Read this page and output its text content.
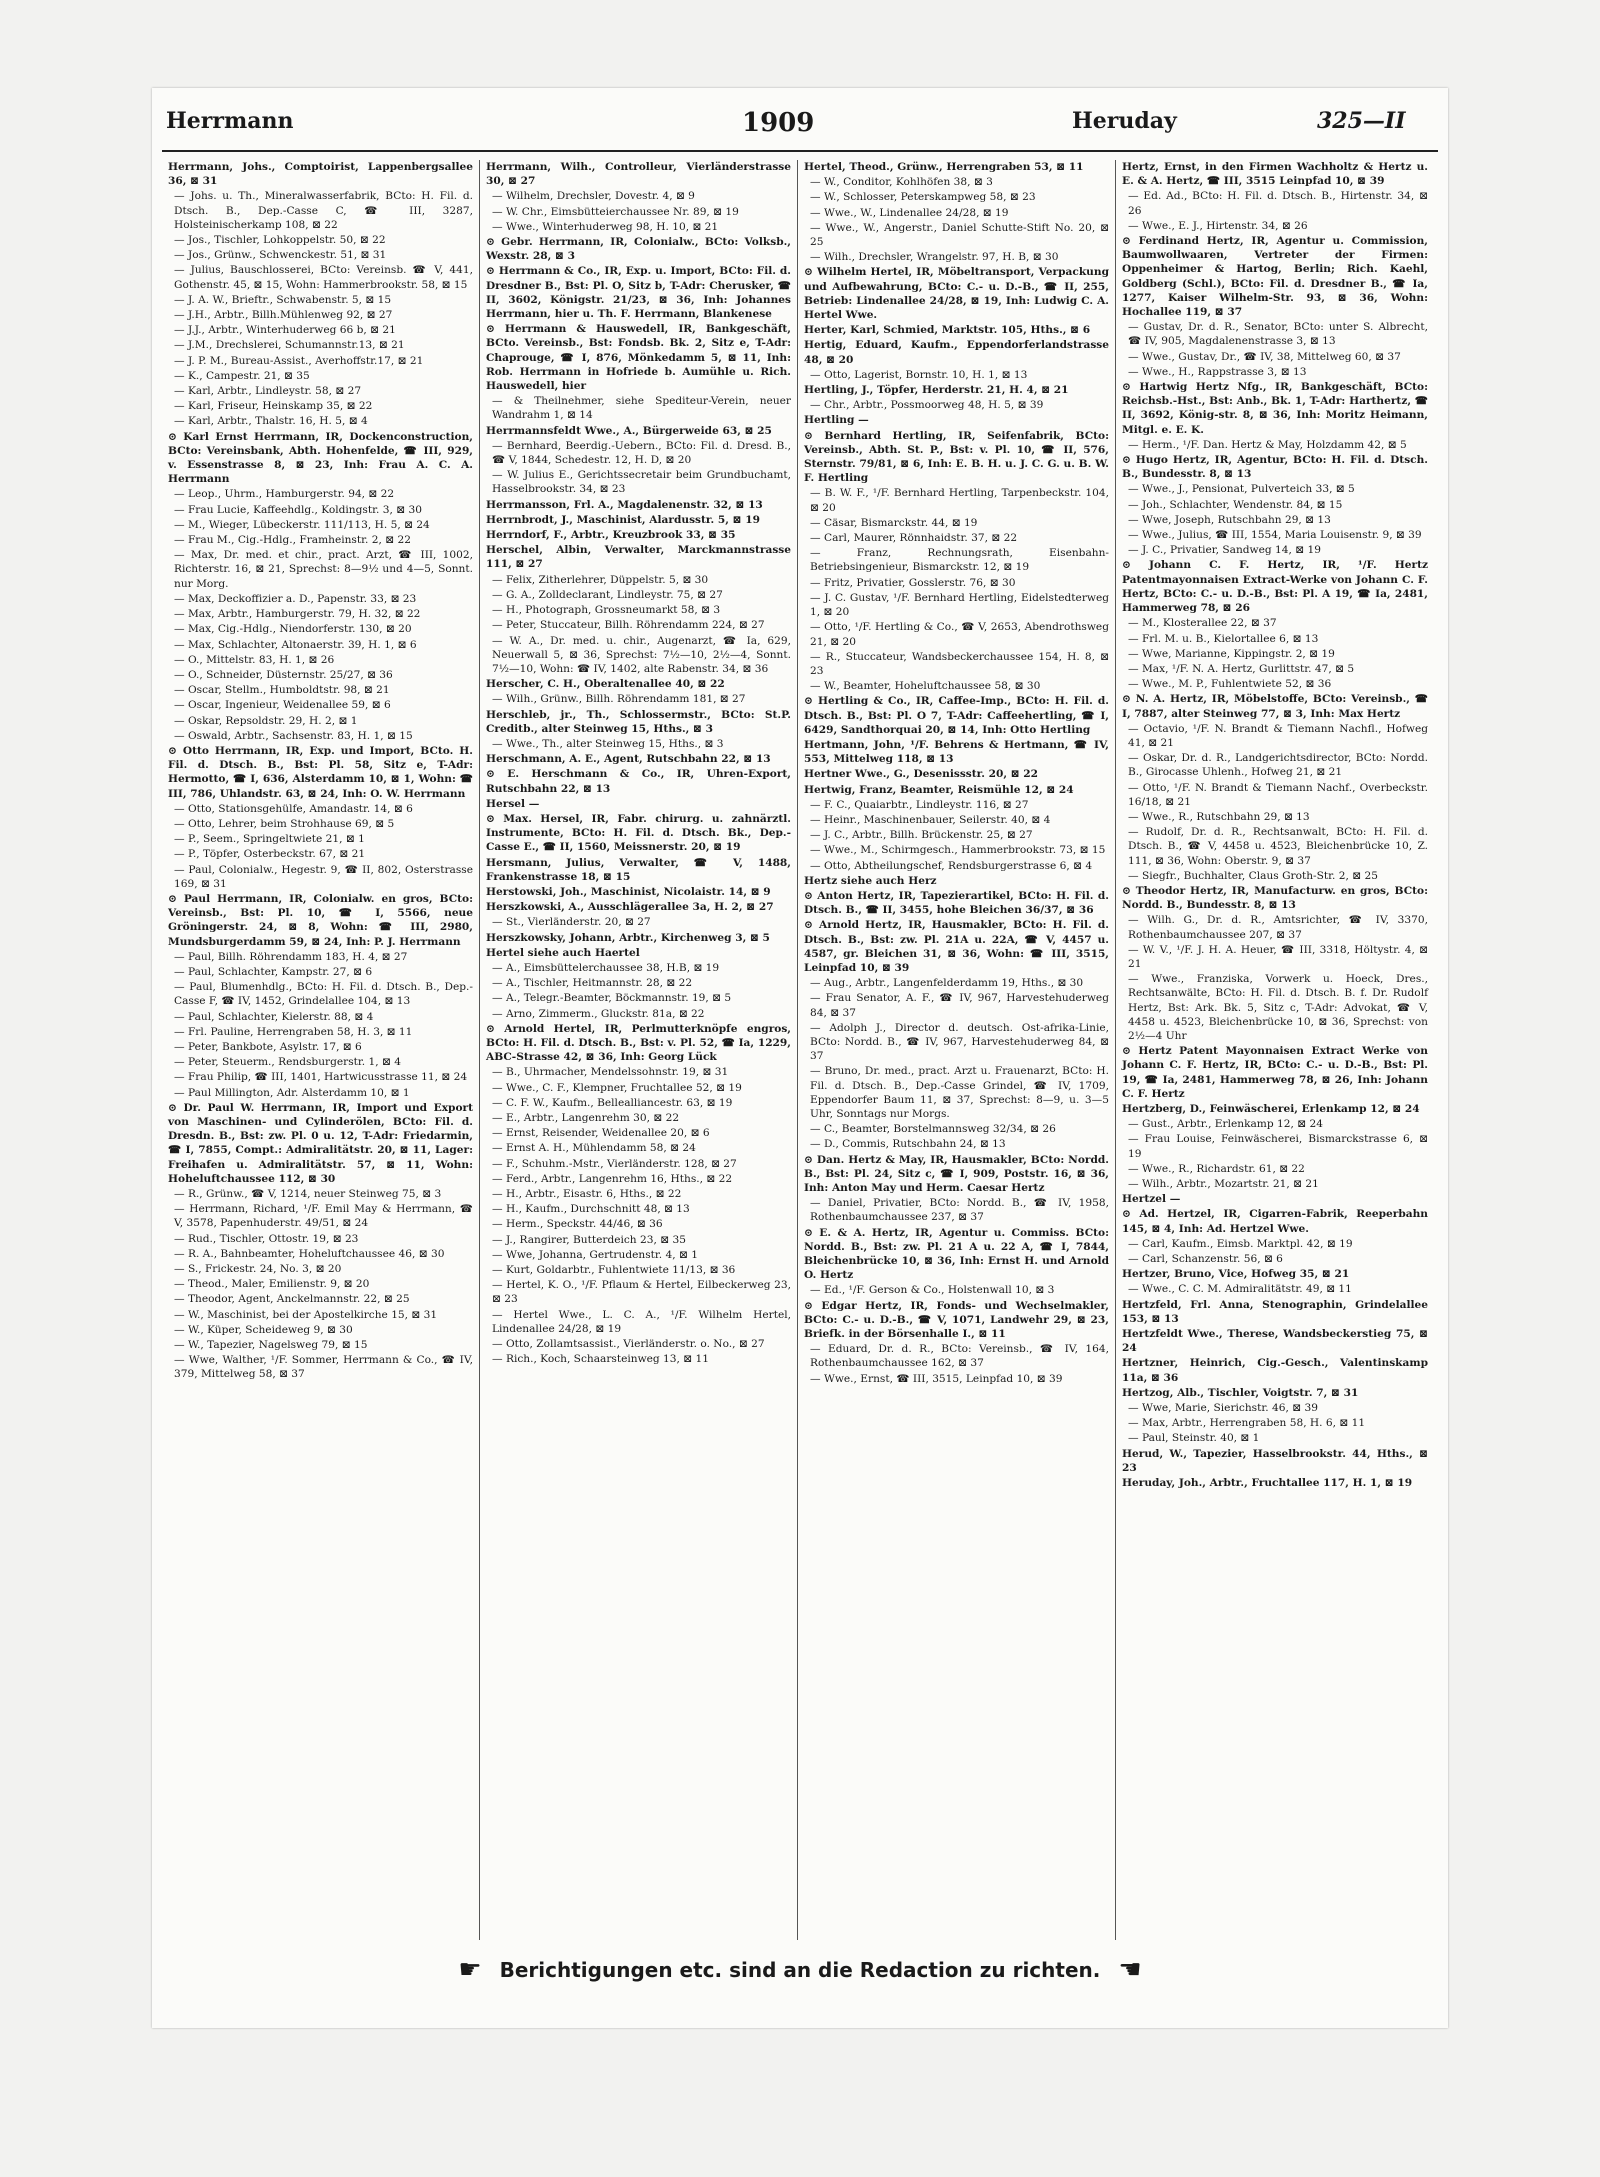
Herrmann	1909	Heruday	325—II

Herrmann, Johs., Comptoirist, Lappenbergsallee 36, ⊠ 31

— Johs. u. Th., Mineralwasserfabrik, BCto: H. Fil. d. Dtsch. B., Dep.-Casse C, ☎ III, 3287, Holsteinischerkamp 108, ⊠ 22

— Jos., Tischler, Lohkoppelstr. 50, ⊠ 22

— Jos., Grünw., Schwenckestr. 51, ⊠ 31

— Julius, Bauschlosserei, BCto: Vereinsb. ☎ V, 441, Gothenstr. 45, ⊠ 15, Wohn: Hammerbrookstr. 58, ⊠ 15

— J. A. W., Brieftr., Schwabenstr. 5, ⊠ 15

— J.H., Arbtr., Billh.Mühlenweg 92, ⊠ 27

— J.J., Arbtr., Winterhuderweg 66 b, ⊠ 21

— J.M., Drechslerei, Schumannstr.13, ⊠ 21

— J. P. M., Bureau-Assist., Averhoffstr.17, ⊠ 21

— K., Campestr. 21, ⊠ 35

— Karl, Arbtr., Lindleystr. 58, ⊠ 27

— Karl, Friseur, Heinskamp 35, ⊠ 22

— Karl, Arbtr., Thalstr. 16, H. 5, ⊠ 4

⊙ Karl Ernst Herrmann, IR, Dockenconstruction, BCto: Vereinsbank, Abth. Hohenfelde, ☎ III, 929, v. Essenstrasse 8, ⊠ 23, Inh: Frau A. C. A. Herrmann

— Leop., Uhrm., Hamburgerstr. 94, ⊠ 22

— Frau Lucie, Kaffeehdlg., Koldingstr. 3, ⊠ 30

— M., Wieger, Lübeckerstr. 111/113, H. 5, ⊠ 24

— Frau M., Cig.-Hdlg., Framheinstr. 2, ⊠ 22

— Max, Dr. med. et chir., pract. Arzt, ☎ III, 1002, Richterstr. 16, ⊠ 21, Sprechst: 8—9½ und 4—5, Sonnt. nur Morg.

— Max, Deckoffizier a. D., Papenstr. 33, ⊠ 23

— Max, Arbtr., Hamburgerstr. 79, H. 32, ⊠ 22

— Max, Cig.-Hdlg., Niendorferstr. 130, ⊠ 20

— Max, Schlachter, Altonaerstr. 39, H. 1, ⊠ 6

— O., Mittelstr. 83, H. 1, ⊠ 26

— O., Schneider, Düsternstr. 25/27, ⊠ 36

— Oscar, Stellm., Humboldtstr. 98, ⊠ 21

— Oscar, Ingenieur, Weidenallee 59, ⊠ 6

— Oskar, Repsoldstr. 29, H. 2, ⊠ 1

— Oswald, Arbtr., Sachsenstr. 83, H. 1, ⊠ 15

⊙ Otto Herrmann, IR, Exp. und Import, BCto. H. Fil. d. Dtsch. B., Bst: Pl. 58, Sitz e, T-Adr: Hermotto, ☎ I, 636, Alsterdamm 10, ⊠ 1, Wohn: ☎ III, 786, Uhlandstr. 63, ⊠ 24, Inh: O. W. Herrmann

— Otto, Stationsgehülfe, Amandastr. 14, ⊠ 6

— Otto, Lehrer, beim Strohhause 69, ⊠ 5

— P., Seem., Springeltwiete 21, ⊠ 1

— P., Töpfer, Osterbeckstr. 67, ⊠ 21

— Paul, Colonialw., Hegestr. 9, ☎ II, 802, Osterstrasse 169, ⊠ 31

⊙ Paul Herrmann, IR, Colonialw. en gros, BCto: Vereinsb., Bst: Pl. 10, ☎ I, 5566, neue Gröningerstr. 24, ⊠ 8, Wohn: ☎ III, 2980, Mundsburgerdamm 59, ⊠ 24, Inh: P. J. Herrmann

— Paul, Billh. Röhrendamm 183, H. 4, ⊠ 27

— Paul, Schlachter, Kampstr. 27, ⊠ 6

— Paul, Blumenhdlg., BCto: H. Fil. d. Dtsch. B., Dep.-Casse F, ☎ IV, 1452, Grindelallee 104, ⊠ 13

— Paul, Schlachter, Kielerstr. 88, ⊠ 4

— Frl. Pauline, Herrengraben 58, H. 3, ⊠ 11

— Peter, Bankbote, Asylstr. 17, ⊠ 6

— Peter, Steuerm., Rendsburgerstr. 1, ⊠ 4

— Frau Philip, ☎ III, 1401, Hartwicusstrasse 11, ⊠ 24

— Paul Millington, Adr. Alsterdamm 10, ⊠ 1

⊙ Dr. Paul W. Herrmann, IR, Import und Export von Maschinen- und Cylinderölen, BCto: Fil. d. Dresdn. B., Bst: zw. Pl. 0 u. 12, T-Adr: Friedarmin, ☎ I, 7855, Compt.: Admiralitätstr. 20, ⊠ 11, Lager: Freihafen u. Admiralitätstr. 57, ⊠ 11, Wohn: Hoheluftchaussee 112, ⊠ 30

— R., Grünw., ☎ V, 1214, neuer Steinweg 75, ⊠ 3

— Herrmann, Richard, ¹/F. Emil May & Herrmann, ☎ V, 3578, Papenhuderstr. 49/51, ⊠ 24

— Rud., Tischler, Ottostr. 19, ⊠ 23

— R. A., Bahnbeamter, Hoheluftchaussee 46, ⊠ 30

— S., Frickestr. 24, No. 3, ⊠ 20

— Theod., Maler, Emilienstr. 9, ⊠ 20

— Theodor, Agent, Anckelmannstr. 22, ⊠ 25

— W., Maschinist, bei der Apostelkirche 15, ⊠ 31

— W., Küper, Scheideweg 9, ⊠ 30

— W., Tapezier, Nagelsweg 79, ⊠ 15

— Wwe, Walther, ¹/F. Sommer, Herrmann & Co., ☎ IV, 379, Mittelweg 58, ⊠ 37

Herrmann, Wilh., Controlleur, Vierländerstrasse 30, ⊠ 27

— Wilhelm, Drechsler, Dovestr. 4, ⊠ 9

— W. Chr., Eimsbütteierchaussee Nr. 89, ⊠ 19

— Wwe., Winterhuderweg 98, H. 10, ⊠ 21

⊙ Gebr. Herrmann, IR, Colonialw., BCto: Volksb., Wexstr. 28, ⊠ 3

⊙ Herrmann & Co., IR, Exp. u. Import, BCto: Fil. d. Dresdner B., Bst: Pl. O, Sitz b, T-Adr: Cherusker, ☎ II, 3602, Königstr. 21/23, ⊠ 36, Inh: Johannes Herrmann, hier u. Th. F. Herrmann, Blankenese

⊙ Herrmann & Hauswedell, IR, Bankgeschäft, BCto. Vereinsb., Bst: Fondsb. Bk. 2, Sitz e, T-Adr: Chaprouge, ☎ I, 876, Mönkedamm 5, ⊠ 11, Inh: Rob. Herrmann in Hofriede b. Aumühle u. Rich. Hauswedell, hier

— & Theilnehmer, siehe Spediteur-Verein, neuer Wandrahm 1, ⊠ 14

Herrmannsfeldt Wwe., A., Bürgerweide 63, ⊠ 25

— Bernhard, Beerdig.-Uebern., BCto: Fil. d. Dresd. B., ☎ V, 1844, Schedestr. 12, H. D, ⊠ 20

— W. Julius E., Gerichtssecretair beim Grundbuchamt, Hasselbrookstr. 34, ⊠ 23

Herrmansson, Frl. A., Magdalenenstr. 32, ⊠ 13

Herrnbrodt, J., Maschinist, Alardusstr. 5, ⊠ 19

Herrndorf, F., Arbtr., Kreuzbrook 33, ⊠ 35

Herschel, Albin, Verwalter, Marckmannstrasse 111, ⊠ 27

— Felix, Zitherlehrer, Düppelstr. 5, ⊠ 30

— G. A., Zolldeclarant, Lindleystr. 75, ⊠ 27

— H., Photograph, Grossneumarkt 58, ⊠ 3

— Peter, Stuccateur, Billh. Röhrendamm 224, ⊠ 27

— W. A., Dr. med. u. chir., Augenarzt, ☎ Ia, 629, Neuerwall 5, ⊠ 36, Sprechst: 7½—10, 2½—4, Sonnt. 7½—10, Wohn: ☎ IV, 1402, alte Rabenstr. 34, ⊠ 36

Herscher, C. H., Oberaltenallee 40, ⊠ 22

— Wilh., Grünw., Billh. Röhrendamm 181, ⊠ 27

Herschleb, jr., Th., Schlossermstr., BCto: St.P. Creditb., alter Steinweg 15, Hths., ⊠ 3

— Wwe., Th., alter Steinweg 15, Hths., ⊠ 3

Herschmann, A. E., Agent, Rutschbahn 22, ⊠ 13

⊙ E. Herschmann & Co., IR, Uhren-Export, Rutschbahn 22, ⊠ 13

Hersel —

⊙ Max. Hersel, IR, Fabr. chirurg. u. zahnärztl. Instrumente, BCto: H. Fil. d. Dtsch. Bk., Dep.-Casse E., ☎ II, 1560, Meissnerstr. 20, ⊠ 19

Hersmann, Julius, Verwalter, ☎ V, 1488, Frankenstrasse 18, ⊠ 15

Herstowski, Joh., Maschinist, Nicolaistr. 14, ⊠ 9

Herszkowski, A., Ausschlägerallee 3a, H. 2, ⊠ 27

— St., Vierländerstr. 20, ⊠ 27

Herszkowsky, Johann, Arbtr., Kirchenweg 3, ⊠ 5

Hertel siehe auch Haertel

— A., Eimsbüttelerchaussee 38, H.B, ⊠ 19

— A., Tischler, Heitmannstr. 28, ⊠ 22

— A., Telegr.-Beamter, Böckmannstr. 19, ⊠ 5

— Arno, Zimmerm., Gluckstr. 81a, ⊠ 22

⊙ Arnold Hertel, IR, Perlmutterknöpfe engros, BCto: H. Fil. d. Dtsch. B., Bst: v. Pl. 52, ☎ Ia, 1229, ABC-Strasse 42, ⊠ 36, Inh: Georg Lück

— B., Uhrmacher, Mendelssohnstr. 19, ⊠ 31

— Wwe., C. F., Klempner, Fruchtallee 52, ⊠ 19

— C. F. W., Kaufm., Bellealliancestr. 63, ⊠ 19

— E., Arbtr., Langenrehm 30, ⊠ 22

— Ernst, Reisender, Weidenallee 20, ⊠ 6

— Ernst A. H., Mühlendamm 58, ⊠ 24

— F., Schuhm.-Mstr., Vierländerstr. 128, ⊠ 27

— Ferd., Arbtr., Langenrehm 16, Hths., ⊠ 22

— H., Arbtr., Eisastr. 6, Hths., ⊠ 22

— H., Kaufm., Durchschnitt 48, ⊠ 13

— Herm., Speckstr. 44/46, ⊠ 36

— J., Rangirer, Butterdeich 23, ⊠ 35

— Wwe, Johanna, Gertrudenstr. 4, ⊠ 1

— Kurt, Goldarbtr., Fuhlentwiete 11/13, ⊠ 36

— Hertel, K. O., ¹/F. Pflaum & Hertel, Eilbeckerweg 23, ⊠ 23

— Hertel Wwe., L. C. A., ¹/F. Wilhelm Hertel, Lindenallee 24/28, ⊠ 19

— Otto, Zollamtsassist., Vierländerstr. o. No., ⊠ 27

— Rich., Koch, Schaarsteinweg 13, ⊠ 11

Hertel, Theod., Grünw., Herrengraben 53, ⊠ 11

— W., Conditor, Kohlhöfen 38, ⊠ 3

— W., Schlosser, Peterskampweg 58, ⊠ 23

— Wwe., W., Lindenallee 24/28, ⊠ 19

— Wwe., W., Angerstr., Daniel Schutte-Stift No. 20, ⊠ 25

— Wilh., Drechsler, Wrangelstr. 97, H. B, ⊠ 30

⊙ Wilhelm Hertel, IR, Möbeltransport, Verpackung und Aufbewahrung, BCto: C.- u. D.-B., ☎ II, 255, Betrieb: Lindenallee 24/28, ⊠ 19, Inh: Ludwig C. A. Hertel Wwe.

Herter, Karl, Schmied, Marktstr. 105, Hths., ⊠ 6

Hertig, Eduard, Kaufm., Eppendorferlandstrasse 48, ⊠ 20

— Otto, Lagerist, Bornstr. 10, H. 1, ⊠ 13

Hertling, J., Töpfer, Herderstr. 21, H. 4, ⊠ 21

— Chr., Arbtr., Possmoorweg 48, H. 5, ⊠ 39

Hertling —

⊙ Bernhard Hertling, IR, Seifenfabrik, BCto: Vereinsb., Abth. St. P., Bst: v. Pl. 10, ☎ II, 576, Sternstr. 79/81, ⊠ 6, Inh: E. B. H. u. J. C. G. u. B. W. F. Hertling

— B. W. F., ¹/F. Bernhard Hertling, Tarpenbeckstr. 104, ⊠ 20

— Cäsar, Bismarckstr. 44, ⊠ 19

— Carl, Maurer, Rönnhaidstr. 37, ⊠ 22

— Franz, Rechnungsrath, Eisenbahn-Betriebsingenieur, Bismarckstr. 12, ⊠ 19

— Fritz, Privatier, Gosslerstr. 76, ⊠ 30

— J. C. Gustav, ¹/F. Bernhard Hertling, Eidelstedterweg 1, ⊠ 20

— Otto, ¹/F. Hertling & Co., ☎ V, 2653, Abendrothsweg 21, ⊠ 20

— R., Stuccateur, Wandsbeckerchaussee 154, H. 8, ⊠ 23

— W., Beamter, Hoheluftchaussee 58, ⊠ 30

⊙ Hertling & Co., IR, Caffee-Imp., BCto: H. Fil. d. Dtsch. B., Bst: Pl. O 7, T-Adr: Caffeehertling, ☎ I, 6429, Sandthorquai 20, ⊠ 14, Inh: Otto Hertling

Hertmann, John, ¹/F. Behrens & Hertmann, ☎ IV, 553, Mittelweg 118, ⊠ 13

Hertner Wwe., G., Desenissstr. 20, ⊠ 22

Hertwig, Franz, Beamter, Reismühle 12, ⊠ 24

— F. C., Quaiarbtr., Lindleystr. 116, ⊠ 27

— Heinr., Maschinenbauer, Seilerstr. 40, ⊠ 4

— J. C., Arbtr., Billh. Brückenstr. 25, ⊠ 27

— Wwe., M., Schirmgesch., Hammerbrookstr. 73, ⊠ 15

— Otto, Abtheilungschef, Rendsburgerstrasse 6, ⊠ 4

Hertz siehe auch Herz

⊙ Anton Hertz, IR, Tapezierartikel, BCto: H. Fil. d. Dtsch. B., ☎ II, 3455, hohe Bleichen 36/37, ⊠ 36

⊙ Arnold Hertz, IR, Hausmakler, BCto: H. Fil. d. Dtsch. B., Bst: zw. Pl. 21A u. 22A, ☎ V, 4457 u. 4587, gr. Bleichen 31, ⊠ 36, Wohn: ☎ III, 3515, Leinpfad 10, ⊠ 39

— Aug., Arbtr., Langenfelderdamm 19, Hths., ⊠ 30

— Frau Senator, A. F., ☎ IV, 967, Harvestehuderweg 84, ⊠ 37

— Adolph J., Director d. deutsch. Ost-afrika-Linie, BCto: Nordd. B., ☎ IV, 967, Harvestehuderweg 84, ⊠ 37

— Bruno, Dr. med., pract. Arzt u. Frauenarzt, BCto: H. Fil. d. Dtsch. B., Dep.-Casse Grindel, ☎ IV, 1709, Eppendorfer Baum 11, ⊠ 37, Sprechst: 8—9, u. 3—5 Uhr, Sonntags nur Morgs.

— C., Beamter, Borstelmannsweg 32/34, ⊠ 26

— D., Commis, Rutschbahn 24, ⊠ 13

⊙ Dan. Hertz & May, IR, Hausmakler, BCto: Nordd. B., Bst: Pl. 24, Sitz c, ☎ I, 909, Poststr. 16, ⊠ 36, Inh: Anton May und Herm. Caesar Hertz

— Daniel, Privatier, BCto: Nordd. B., ☎ IV, 1958, Rothenbaumchaussee 237, ⊠ 37

⊙ E. & A. Hertz, IR, Agentur u. Commiss. BCto: Nordd. B., Bst: zw. Pl. 21 A u. 22 A, ☎ I, 7844, Bleichenbrücke 10, ⊠ 36, Inh: Ernst H. und Arnold O. Hertz

— Ed., ¹/F. Gerson & Co., Holstenwall 10, ⊠ 3

⊙ Edgar Hertz, IR, Fonds- und Wechselmakler, BCto: C.- u. D.-B., ☎ V, 1071, Landwehr 29, ⊠ 23, Briefk. in der Börsenhalle I., ⊠ 11

— Eduard, Dr. d. R., BCto: Vereinsb., ☎ IV, 164, Rothenbaumchaussee 162, ⊠ 37

— Wwe., Ernst, ☎ III, 3515, Leinpfad 10, ⊠ 39

Hertz, Ernst, in den Firmen Wachholtz & Hertz u. E. & A. Hertz, ☎ III, 3515 Leinpfad 10, ⊠ 39

— Ed. Ad., BCto: H. Fil. d. Dtsch. B., Hirtenstr. 34, ⊠ 26

— Wwe., E. J., Hirtenstr. 34, ⊠ 26

⊙ Ferdinand Hertz, IR, Agentur u. Commission, Baumwollwaaren, Vertreter der Firmen: Oppenheimer & Hartog, Berlin; Rich. Kaehl, Goldberg (Schl.), BCto: Fil. d. Dresdner B., ☎ Ia, 1277, Kaiser Wilhelm-Str. 93, ⊠ 36, Wohn: Hochallee 119, ⊠ 37

— Gustav, Dr. d. R., Senator, BCto: unter S. Albrecht, ☎ IV, 905, Magdalenenstrasse 3, ⊠ 13

— Wwe., Gustav, Dr., ☎ IV, 38, Mittelweg 60, ⊠ 37

— Wwe., H., Rappstrasse 3, ⊠ 13

⊙ Hartwig Hertz Nfg., IR, Bankgeschäft, BCto: Reichsb.-Hst., Bst: Anb., Bk. 1, T-Adr: Harthertz, ☎ II, 3692, König-str. 8, ⊠ 36, Inh: Moritz Heimann, Mitgl. e. E. K.

— Herm., ¹/F. Dan. Hertz & May, Holzdamm 42, ⊠ 5

⊙ Hugo Hertz, IR, Agentur, BCto: H. Fil. d. Dtsch. B., Bundesstr. 8, ⊠ 13

— Wwe., J., Pensionat, Pulverteich 33, ⊠ 5

— Joh., Schlachter, Wendenstr. 84, ⊠ 15

— Wwe, Joseph, Rutschbahn 29, ⊠ 13

— Wwe., Julius, ☎ III, 1554, Maria Louisenstr. 9, ⊠ 39

— J. C., Privatier, Sandweg 14, ⊠ 19

⊙ Johann C. F. Hertz, IR, ¹/F. Hertz Patentmayonnaisen Extract-Werke von Johann C. F. Hertz, BCto: C.- u. D.-B., Bst: Pl. A 19, ☎ Ia, 2481, Hammerweg 78, ⊠ 26

— M., Klosterallee 22, ⊠ 37

— Frl. M. u. B., Kielortallee 6, ⊠ 13

— Wwe, Marianne, Kippingstr. 2, ⊠ 19

— Max, ¹/F. N. A. Hertz, Gurlittstr. 47, ⊠ 5

— Wwe., M. P., Fuhlentwiete 52, ⊠ 36

⊙ N. A. Hertz, IR, Möbelstoffe, BCto: Vereinsb., ☎ I, 7887, alter Steinweg 77, ⊠ 3, Inh: Max Hertz

— Octavio, ¹/F. N. Brandt & Tiemann Nachfl., Hofweg 41, ⊠ 21

— Oskar, Dr. d. R., Landgerichtsdirector, BCto: Nordd. B., Girocasse Uhlenh., Hofweg 21, ⊠ 21

— Otto, ¹/F. N. Brandt & Tiemann Nachf., Overbeckstr. 16/18, ⊠ 21

— Wwe., R., Rutschbahn 29, ⊠ 13

— Rudolf, Dr. d. R., Rechtsanwalt, BCto: H. Fil. d. Dtsch. B., ☎ V, 4458 u. 4523, Bleichenbrücke 10, Z. 111, ⊠ 36, Wohn: Oberstr. 9, ⊠ 37

— Siegfr., Buchhalter, Claus Groth-Str. 2, ⊠ 25

⊙ Theodor Hertz, IR, Manufacturw. en gros, BCto: Nordd. B., Bundesstr. 8, ⊠ 13

— Wilh. G., Dr. d. R., Amtsrichter, ☎ IV, 3370, Rothenbaumchaussee 207, ⊠ 37

— W. V., ¹/F. J. H. A. Heuer, ☎ III, 3318, Höltystr. 4, ⊠ 21

— Wwe., Franziska, Vorwerk u. Hoeck, Dres., Rechtsanwälte, BCto: H. Fil. d. Dtsch. B. f. Dr. Rudolf Hertz, Bst: Ark. Bk. 5, Sitz c, T-Adr: Advokat, ☎ V, 4458 u. 4523, Bleichenbrücke 10, ⊠ 36, Sprechst: von 2½—4 Uhr

⊙ Hertz Patent Mayonnaisen Extract Werke von Johann C. F. Hertz, IR, BCto: C.- u. D.-B., Bst: Pl. 19, ☎ Ia, 2481, Hammerweg 78, ⊠ 26, Inh: Johann C. F. Hertz

Hertzberg, D., Feinwäscherei, Erlenkamp 12, ⊠ 24

— Gust., Arbtr., Erlenkamp 12, ⊠ 24

— Frau Louise, Feinwäscherei, Bismarckstrasse 6, ⊠ 19

— Wwe., R., Richardstr. 61, ⊠ 22

— Wilh., Arbtr., Mozartstr. 21, ⊠ 21

Hertzel —

⊙ Ad. Hertzel, IR, Cigarren-Fabrik, Reeperbahn 145, ⊠ 4, Inh: Ad. Hertzel Wwe.

— Carl, Kaufm., Eimsb. Marktpl. 42, ⊠ 19

— Carl, Schanzenstr. 56, ⊠ 6

Hertzer, Bruno, Vice, Hofweg 35, ⊠ 21

— Wwe., C. C. M. Admiralitätstr. 49, ⊠ 11

Hertzfeld, Frl. Anna, Stenographin, Grindelallee 153, ⊠ 13

Hertzfeldt Wwe., Therese, Wandsbeckerstieg 75, ⊠ 24

Hertzner, Heinrich, Cig.-Gesch., Valentinskamp 11a, ⊠ 36

Hertzog, Alb., Tischler, Voigtstr. 7, ⊠ 31

— Wwe, Marie, Sierichstr. 46, ⊠ 39

— Max, Arbtr., Herrengraben 58, H. 6, ⊠ 11

— Paul, Steinstr. 40, ⊠ 1

Herud, W., Tapezier, Hasselbrookstr. 44, Hths., ⊠ 23

Heruday, Joh., Arbtr., Fruchtallee 117, H. 1, ⊠ 19

☛ Berichtigungen etc. sind an die Redaction zu richten. ☚
